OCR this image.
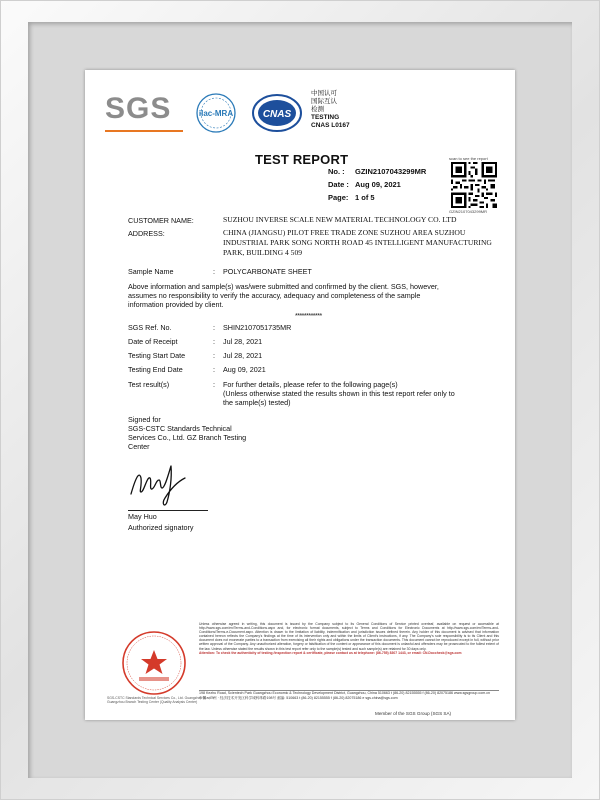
SGS	ilac-MRA	CNAS
中国认可
国际互认
检测
TESTING
CNAS L0167
TEST REPORT
No. : GZIN2107043299MR
Date : Aug 09, 2021
Page: 1 of 5
scan to see the report
GZIN2107043299MR
CUSTOMER NAME:	SUZHOU INVERSE SCALE NEW MATERIAL TECHNOLOGY CO. LTD
ADDRESS:	CHINA (JIANGSU) PILOT FREE TRADE ZONE SUZHOU AREA SUZHOU
INDUSTRIAL PARK SONG NORTH ROAD 45 INTELLIGENT MANUFACTURING
PARK, BUILDING 4 509
Sample Name	: POLYCARBONATE SHEET
Above information and sample(s) was/were submitted and confirmed by the client. SGS, however,
assumes no responsibility to verify the accuracy, adequacy and completeness of the sample
information provided by client.
************
SGS Ref. No.	: SHIN2107051735MR
Date of Receipt	: Jul 28, 2021
Testing Start Date	: Jul 28, 2021
Testing End Date	: Aug 09, 2021
Test result(s)	: For further details, please refer to the following page(s)
(Unless otherwise stated the results shown in this test report refer only to
the sample(s) tested)
Signed for
SGS-CSTC Standards Technical
Services Co., Ltd. GZ Branch Testing
Center
May Huo
Authorized signatory
SGS-CSTC Standards Technical Services Co., Ltd. Guangzhou Branch
Guangzhou Branch Testing Center (Quality Analysis Center)
Unless otherwise agreed in writing, this document is issued by the Company subject to its General Conditions of Service printed overleaf, available on request or accessible at http://www.sgs.com/en/Terms-and-Conditions.aspx and, for electronic format documents, subject to Terms and Conditions for Electronic Documents at http://www.sgs.com/en/Terms-and-Conditions/Terms-e-Document.aspx. Attention is drawn to the limitation of liability, indemnification and jurisdiction issues defined therein. Any holder of this document is advised that information contained hereon reflects the Company's findings at the time of its intervention only and within the limits of Client's instructions, if any. The Company's sole responsibility is to its Client and this document does not exonerate parties to a transaction from exercising all their rights and obligations under the transaction documents. This document cannot be reproduced except in full, without prior written approval of the Company. Any unauthorized alteration, forgery or falsification of the content or appearance of this document is unlawful and offenders may be prosecuted to the fullest extent of the law. Unless otherwise stated the results shown in this test report refer only to the sample(s) tested and such sample(s) are retained for 30 days only.
Attention: To check the authenticity of testing /inspection report & certificate, please contact us at telephone: (86-755) 8307 1443, or email: CN.Doccheck@sgs.com
198 Kezhu Road, Scientech Park Guangzhou Economic & Technology Development District, Guangzhou, China 510663 t (86-20) 82155555 f (86-20) 82075186 www.sgsgroup.com.cn
中国 · 广州 · 经济技术开发区科学城科珠路198号 邮编: 510663 t (86-20) 82155555 f (86-20) 82075186 e sgs.china@sgs.com
Member of the SGS Group (SGS SA)
